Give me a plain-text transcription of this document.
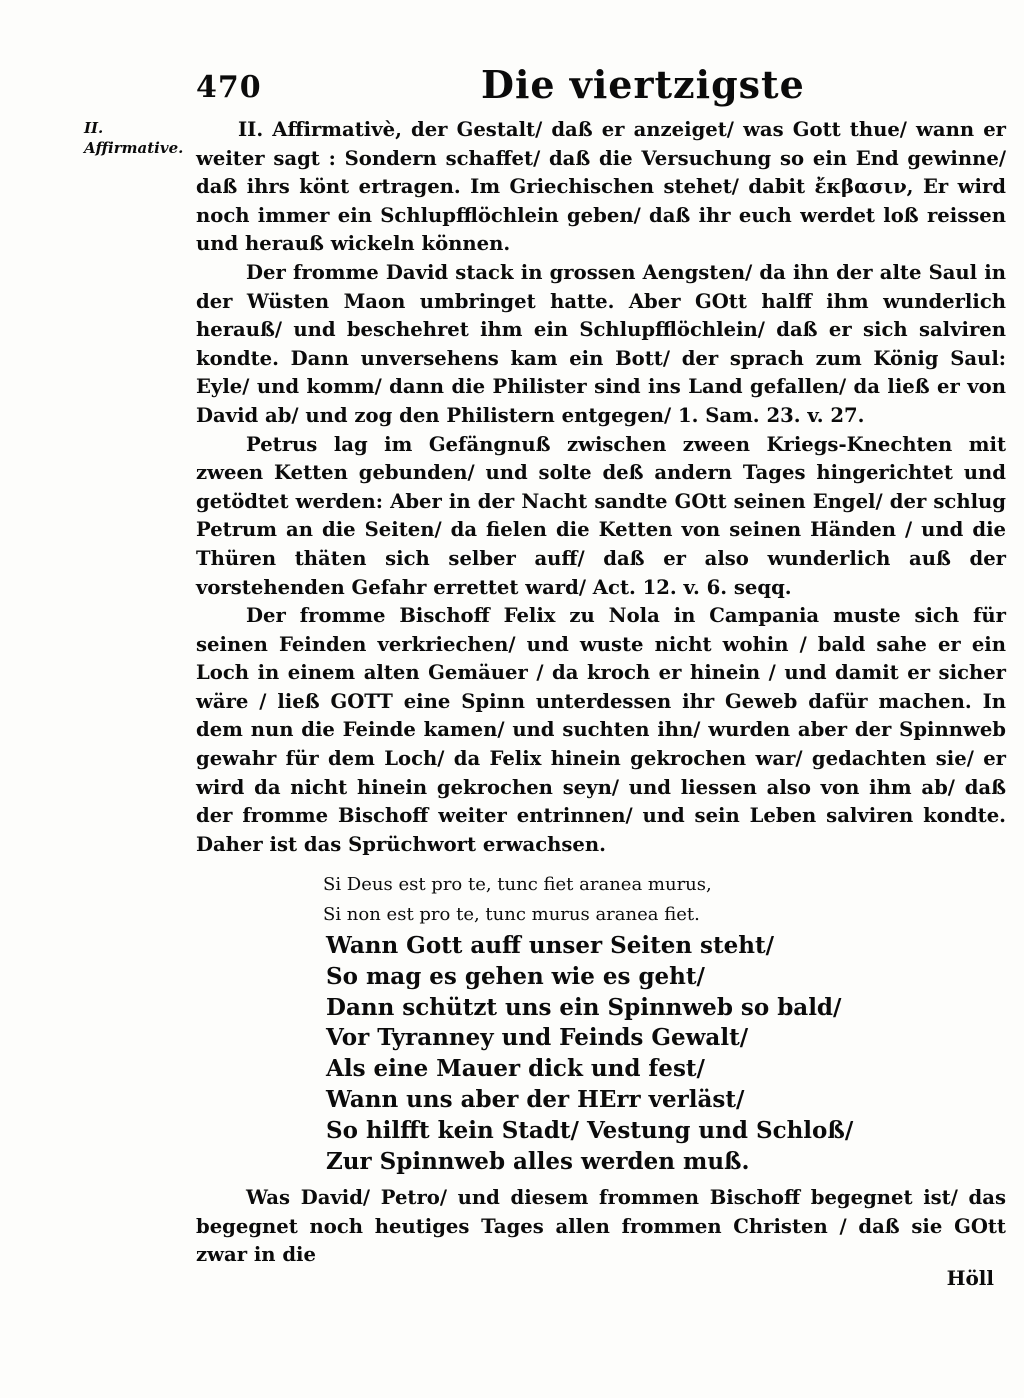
470	Die viertzigste
II. Affirmative.

II. Affirmativè, der Gestalt/ daß er anzeiget/ was Gott thue/ wann er weiter sagt : Sondern schaffet/ daß die Versuchung so ein End gewinne/ daß ihrs könt ertragen. Im Griechischen stehet/ dabit ἔκβασιν, Er wird noch immer ein Schlupfflöchlein geben/ daß ihr euch werdet loß reissen und herauß wickeln können.

Der fromme David stack in grossen Aengsten/ da ihn der alte Saul in der Wüsten Maon umbringet hatte. Aber GOtt halff ihm wunderlich herauß/ und beschehret ihm ein Schlupfflöchlein/ daß er sich salviren kondte. Dann unversehens kam ein Bott/ der sprach zum König Saul: Eyle/ und komm/ dann die Philister sind ins Land gefallen/ da ließ er von David ab/ und zog den Philistern entgegen/ 1. Sam. 23. v. 27.

Petrus lag im Gefängnuß zwischen zween Kriegs-Knechten mit zween Ketten gebunden/ und solte deß andern Tages hingerichtet und getödtet werden: Aber in der Nacht sandte GOtt seinen Engel/ der schlug Petrum an die Seiten/ da fielen die Ketten von seinen Händen / und die Thüren thäten sich selber auff/ daß er also wunderlich auß der vorstehenden Gefahr errettet ward/ Act. 12. v. 6. seqq.

Der fromme Bischoff Felix zu Nola in Campania muste sich für seinen Feinden verkriechen/ und wuste nicht wohin / bald sahe er ein Loch in einem alten Gemäuer / da kroch er hinein / und damit er sicher wäre / ließ GOTT eine Spinn unterdessen ihr Geweb dafür machen. In dem nun die Feinde kamen/ und suchten ihn/ wurden aber der Spinnweb gewahr für dem Loch/ da Felix hinein gekrochen war/ gedachten sie/ er wird da nicht hinein gekrochen seyn/ und liessen also von ihm ab/ daß der fromme Bischoff weiter entrinnen/ und sein Leben salviren kondte. Daher ist das Sprüchwort erwachsen.

Si Deus est pro te, tunc fiet aranea murus,
Si non est pro te, tunc murus aranea fiet.
Wann Gott auff unser Seiten steht/
So mag es gehen wie es geht/
Dann schützt uns ein Spinnweb so bald/
Vor Tyranney und Feinds Gewalt/
Als eine Mauer dick und fest/
Wann uns aber der HErr verläst/
So hilfft kein Stadt/ Vestung und Schloß/
Zur Spinnweb alles werden muß.

Was David/ Petro/ und diesem frommen Bischoff begegnet ist/ das begegnet noch heutiges Tages allen frommen Christen / daß sie GOtt zwar in die

Höll
